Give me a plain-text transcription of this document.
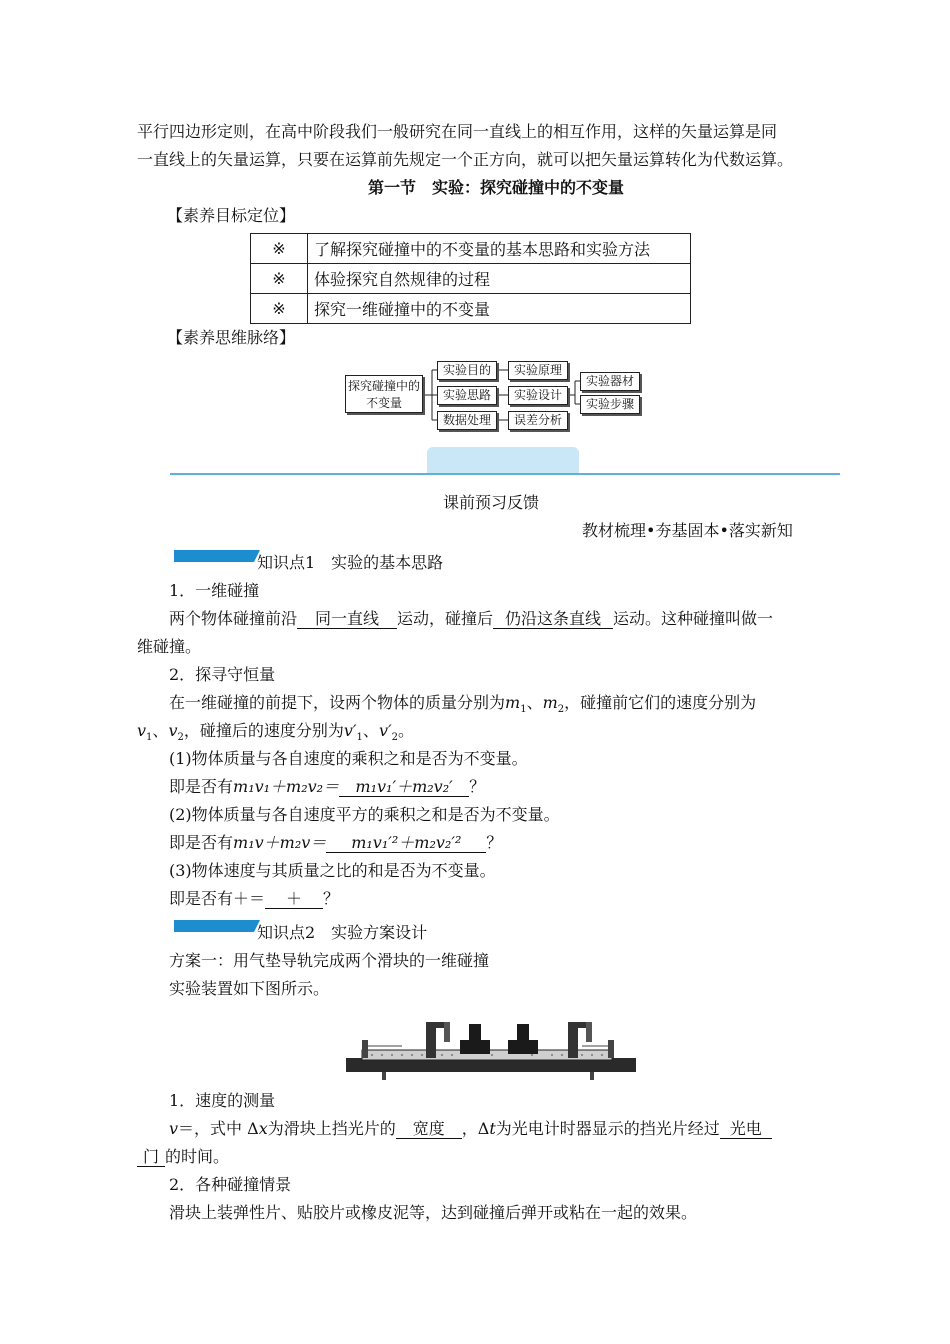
平行四边形定则，在高中阶段我们一般研究在同一直线上的相互作用，这样的矢量运算是同
一直线上的矢量运算，只要在运算前先规定一个正方向，就可以把矢量运算转化为代数运算。
第一节　实验：探究碰撞中的不变量
【素养目标定位】
※	了解探究碰撞中的不变量的基本思路和实验方法
※	体验探究自然规律的过程
※	探究一维碰撞中的不变量
【素养思维脉络】
探究碰撞中的不变量
实验目的	实验原理
实验思路	实验设计
数据处理	误差分析
实验器材
实验步骤
课前预习反馈
教材梳理•夯基固本•落实新知
知识点1　实验的基本思路
1．一维碰撞
两个物体碰撞前沿 同一直线 运动，碰撞后 仍沿这条直线 运动。这种碰撞叫做一
维碰撞。
2．探寻守恒量
在一维碰撞的前提下，设两个物体的质量分别为$m_1$、$m_2$，碰撞前它们的速度分别为
$v_1$、$v_2$，碰撞后的速度分别为$v'_1$、$v'_2$。
(1)物体质量与各自速度的乘积之和是否为不变量。
即是否有m₁v₁＋m₂v₂＝ m₁v₁′＋m₂v₂′ ？
(2)物体质量与各自速度平方的乘积之和是否为不变量。
即是否有m₁v＋m₂v＝ m₁v₁′²＋m₂v₂′² ？
(3)物体速度与其质量之比的和是否为不变量。
即是否有＋＝ ＋ ？
知识点2　实验方案设计
方案一：用气垫导轨完成两个滑块的一维碰撞
实验装置如下图所示。
1．速度的测量
v＝，式中 Δx为滑块上挡光片的 宽度 ，Δt为光电计时器显示的挡光片经过 光电
门 的时间。
2．各种碰撞情景
滑块上装弹性片、贴胶片或橡皮泥等，达到碰撞后弹开或粘在一起的效果。
